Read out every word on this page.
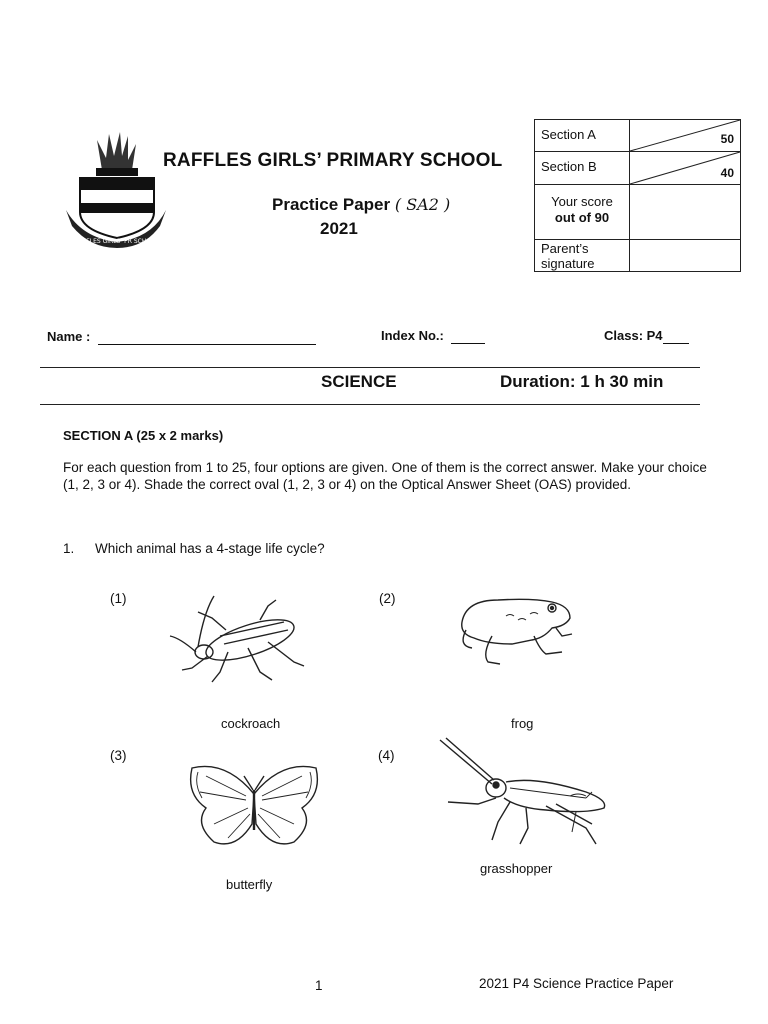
RAFFLES GIRLS’ PR SCHOOL
RAFFLES GIRLS’ PRIMARY SCHOOL
Practice Paper ( SA2 )
2021
Section A	50

Section B	40

Your score
out of 90	

Parent’s signature	
Name :	Index No.:	Class: P4
SCIENCE	Duration: 1 h 30 min
SECTION A (25 x 2 marks)
For each question from 1 to 25, four options are given. One of them is the correct answer. Make your choice (1, 2, 3 or 4). Shade the correct oval (1, 2, 3 or 4) on the Optical Answer Sheet (OAS) provided.
1. Which animal has a 4-stage life cycle?
(1)
cockroach
(2)
frog
(3)
butterfly
(4)
grasshopper
1	2021 P4 Science Practice Paper
